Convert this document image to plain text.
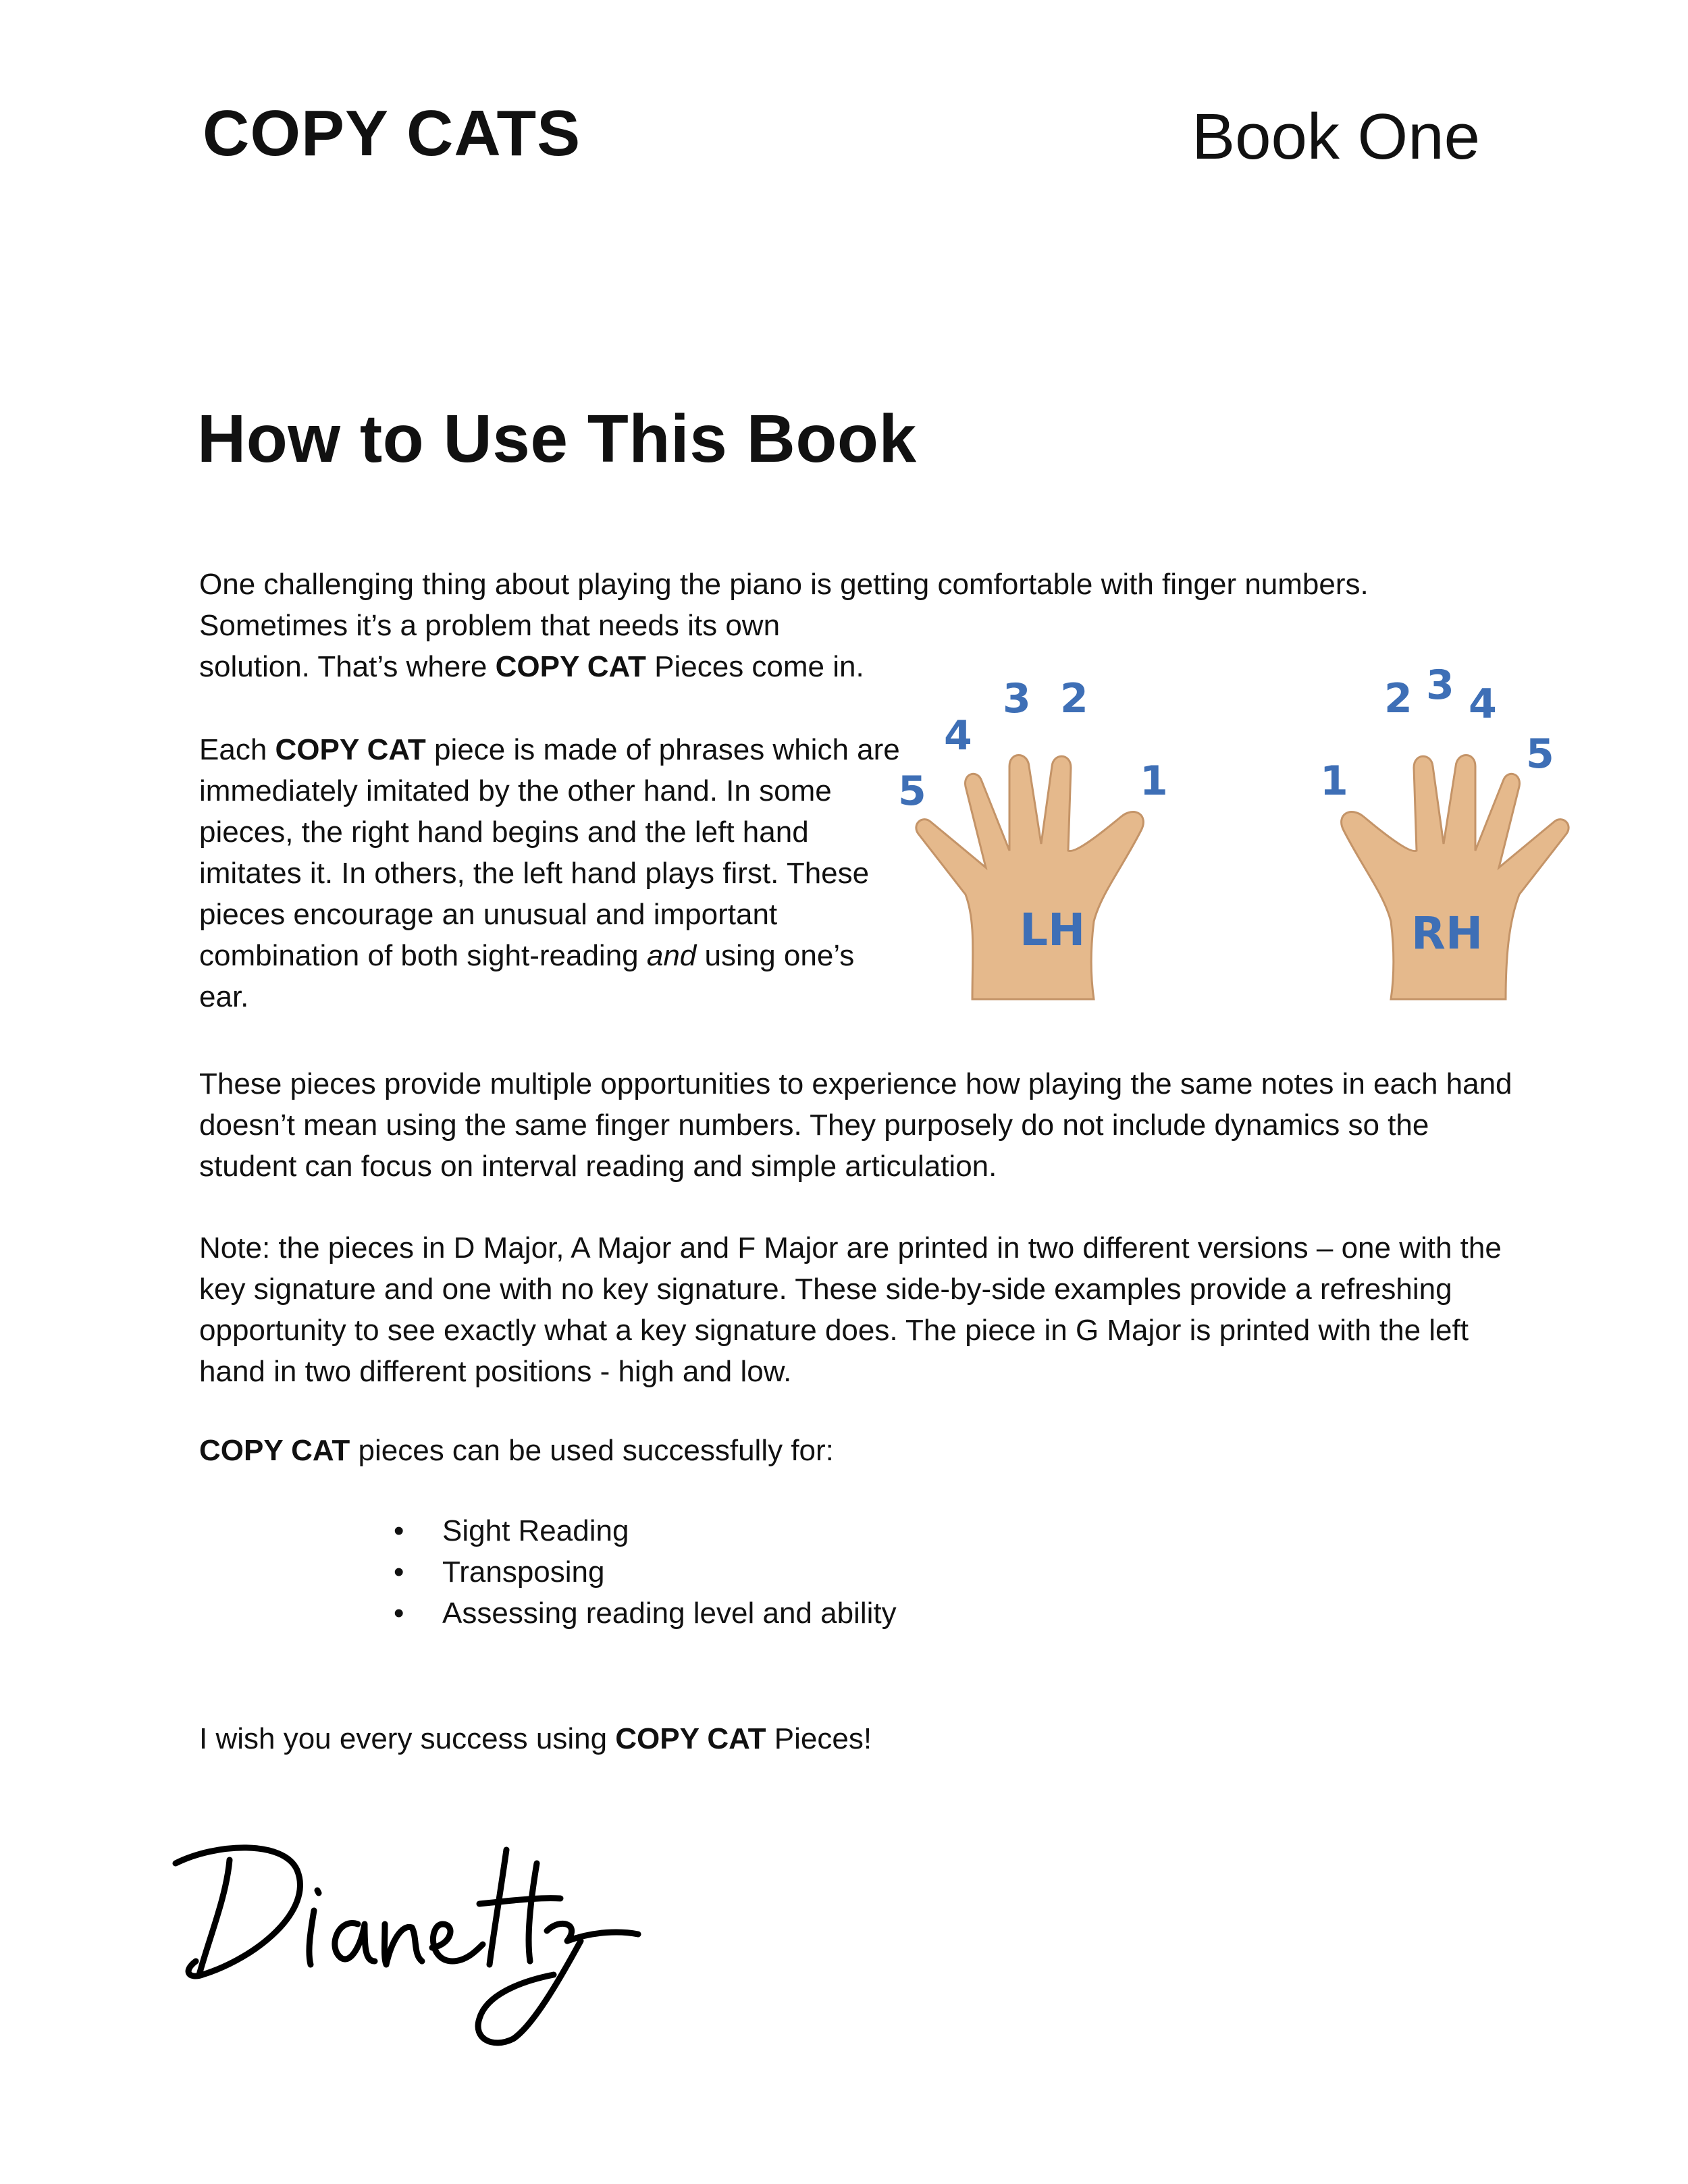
COPY CATS	Book One
How to Use This Book

One challenging thing about playing the piano is getting comfortable with finger numbers.
Sometimes it’s a problem that needs its own
solution. That’s where COPY CAT Pieces come in.

Each COPY CAT piece is made of phrases which are immediately imitated by the other hand. In some pieces, the right hand begins and the left hand imitates it. In others, the left hand plays first. These pieces encourage an unusual and important combination of both sight-reading and using one’s ear.

LH
1
2
3
4
5
RH
1
2 3 4
5

These pieces provide multiple opportunities to experience how playing the same notes in each hand doesn’t mean using the same finger numbers. They purposely do not include dynamics so the student can focus on interval reading and simple articulation.

Note: the pieces in D Major, A Major and F Major are printed in two different versions – one with the key signature and one with no key signature. These side-by-side examples provide a refreshing opportunity to see exactly what a key signature does. The piece in G Major is printed with the left hand in two different positions - high and low.

COPY CAT pieces can be used successfully for:

• Sight Reading
• Transposing
• Assessing reading level and ability

I wish you every success using COPY CAT Pieces!
